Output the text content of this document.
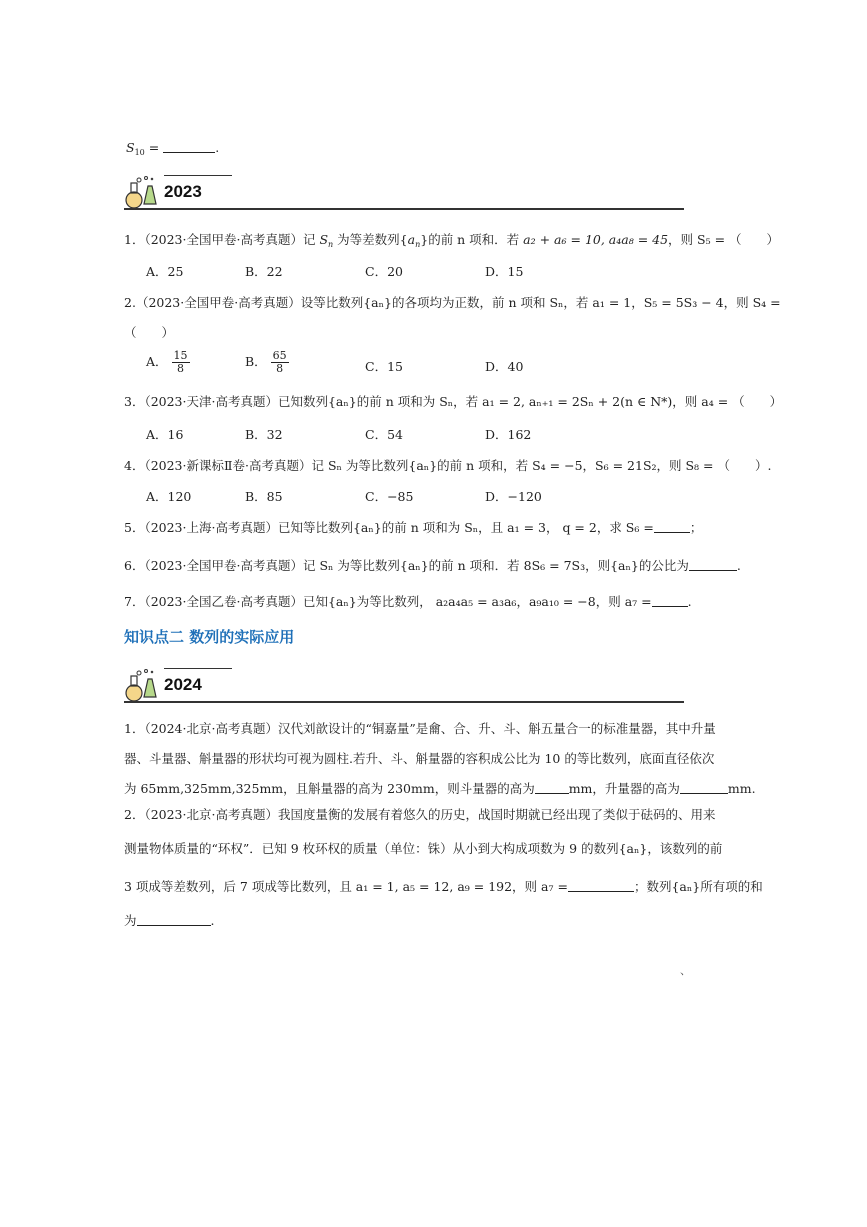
$S_{10}$ =	.
2023
1．（2023·全国甲卷·高考真题）记 $S_n$ 为等差数列$\{a_n\}$的前 n 项和．若 a₂ + a₆ = 10, a₄a₈ = 45，则 S₅ = （　　）
A．25	B．22	C．20	D．15
2.（2023·全国甲卷·高考真题）设等比数列{aₙ}的各项均为正数，前 n 项和 Sₙ，若 a₁ = 1，S₅ = 5S₃ − 4，则 S₄ =
（　　）
A． $\frac{15}{8}$	B． $\frac{65}{8}$	C．15	D．40
3．（2023·天津·高考真题）已知数列{aₙ}的前 n 项和为 Sₙ，若 a₁ = 2, aₙ₊₁ = 2Sₙ + 2(n ∈ N*)，则 a₄ = （　　）
A．16	B．32	C．54	D．162
4．（2023·新课标Ⅱ卷·高考真题）记 Sₙ 为等比数列{aₙ}的前 n 项和，若 S₄ = −5，S₆ = 21S₂，则 S₈ = （　　）.
A．120	B．85	C．−85	D．−120
5．（2023·上海·高考真题）已知等比数列{aₙ}的前 n 项和为 Sₙ，且 a₁ = 3， q = 2，求 S₆ =	；
6．（2023·全国甲卷·高考真题）记 Sₙ 为等比数列{aₙ}的前 n 项和．若 8S₆ = 7S₃，则{aₙ}的公比为	.
7．（2023·全国乙卷·高考真题）已知{aₙ}为等比数列， a₂a₄a₅ = a₃a₆，a₉a₁₀ = −8，则 a₇ =	.
知识点二 数列的实际应用
2024
1．（2024·北京·高考真题）汉代刘歆设计的“铜嘉量”是龠、合、升、斗、斛五量合一的标准量器，其中升量
器、斗量器、斛量器的形状均可视为圆柱.若升、斗、斛量器的容积成公比为 10 的等比数列，底面直径依次
为 65mm,325mm,325mm，且斛量器的高为 230mm，则斗量器的高为	mm，升量器的高为	mm.
2．（2023·北京·高考真题）我国度量衡的发展有着悠久的历史，战国时期就已经出现了类似于砝码的、用来
测量物体质量的“环权”．已知 9 枚环权的质量（单位：铢）从小到大构成项数为 9 的数列{aₙ}，该数列的前
3 项成等差数列，后 7 项成等比数列，且 a₁ = 1, a₅ = 12, a₉ = 192，则 a₇ =	；数列{aₙ}所有项的和
为	.
、
